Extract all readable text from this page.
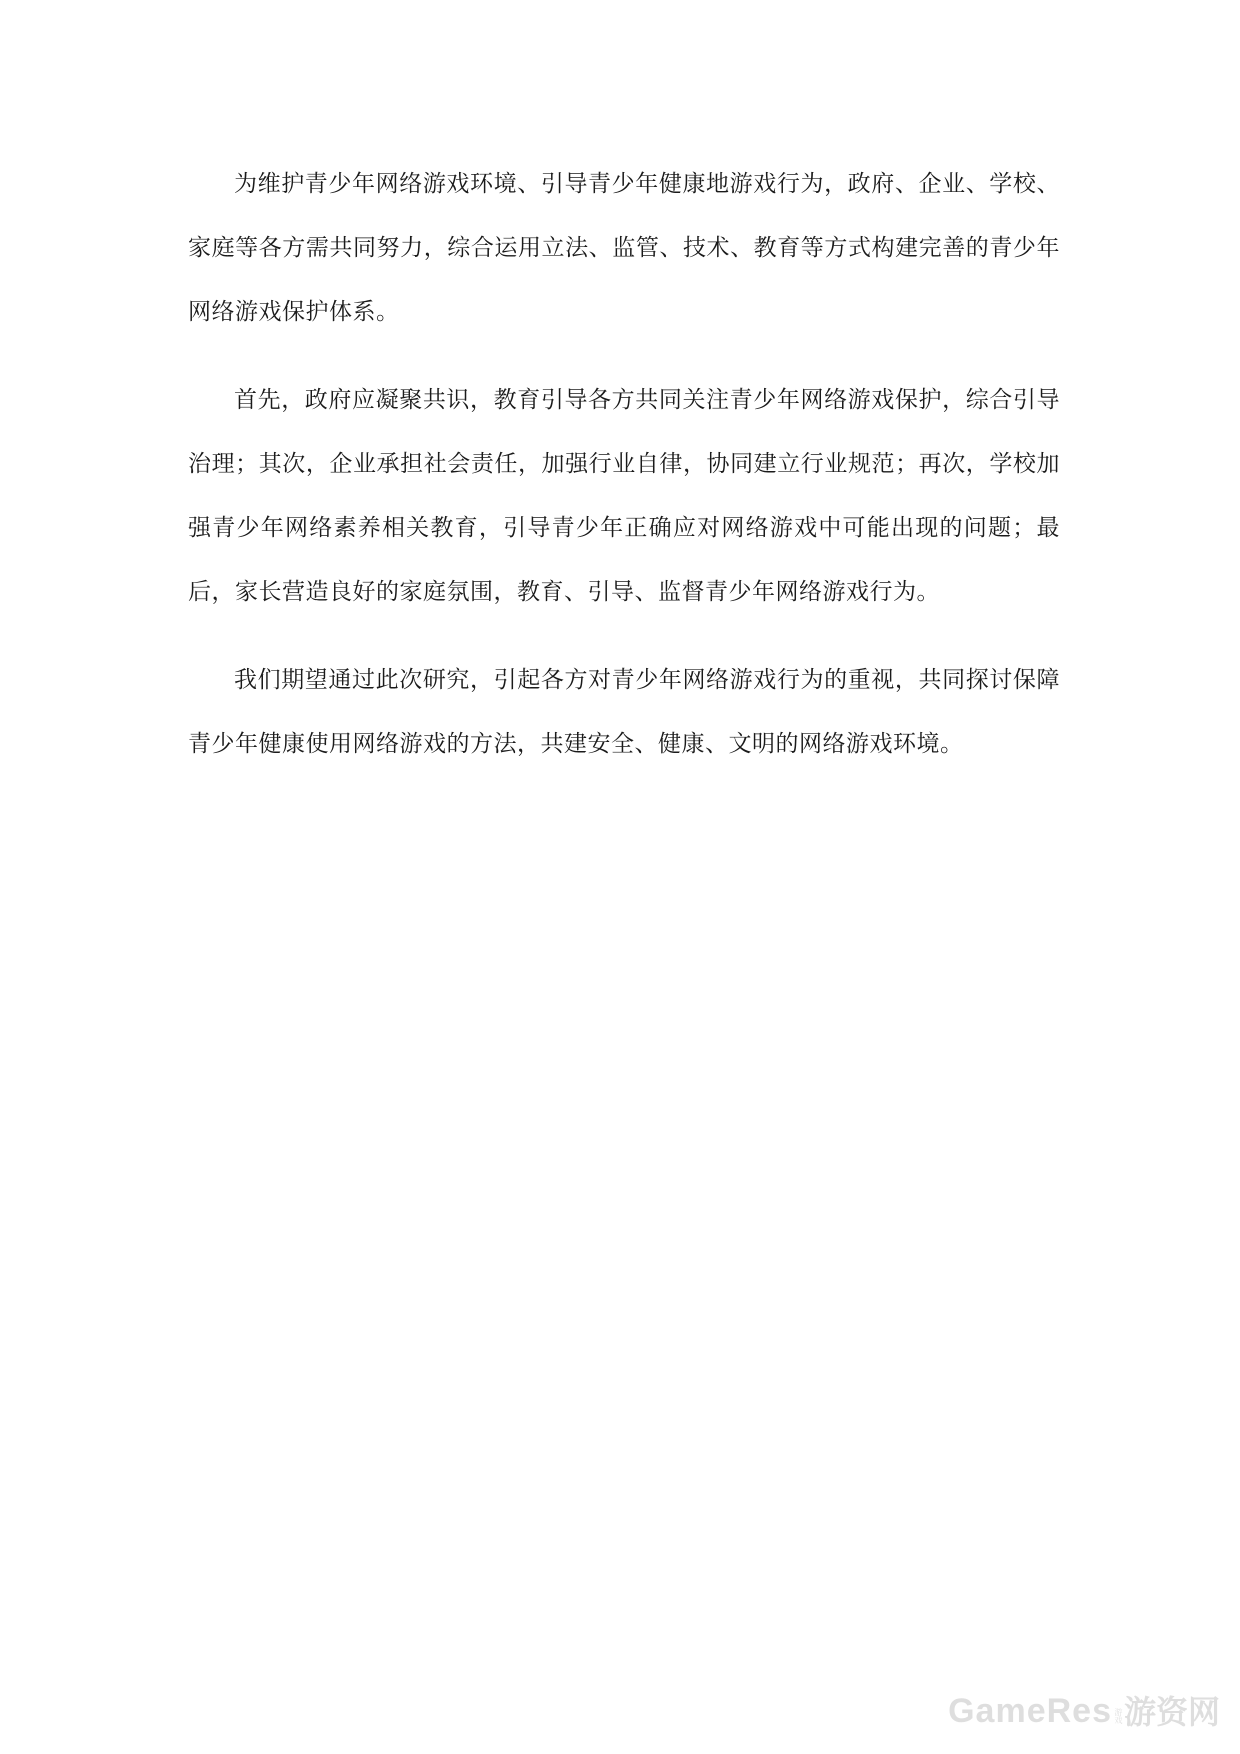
为维护青少年网络游戏环境、引导青少年健康地游戏行为，政府、企业、学校、家庭等各方需共同努力，综合运用立法、监管、技术、教育等方式构建完善的青少年网络游戏保护体系。

首先，政府应凝聚共识，教育引导各方共同关注青少年网络游戏保护，综合引导治理；其次，企业承担社会责任，加强行业自律，协同建立行业规范；再次，学校加强青少年网络素养相关教育，引导青少年正确应对网络游戏中可能出现的问题；最后，家长营造良好的家庭氛围，教育、引导、监督青少年网络游戏行为。

我们期望通过此次研究，引起各方对青少年网络游戏行为的重视，共同探讨保障青少年健康使用网络游戏的方法，共建安全、健康、文明的网络游戏环境。

GameRes 游戏 游资网
